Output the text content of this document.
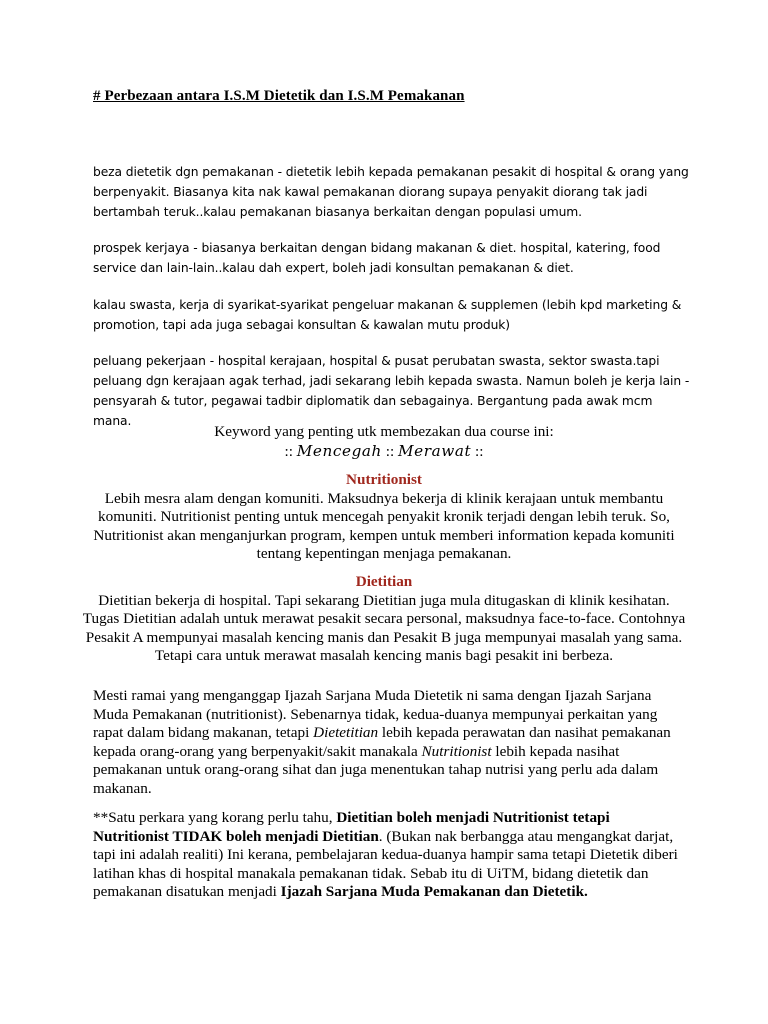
# Perbezaan antara I.S.M Dietetik dan I.S.M Pemakanan
beza dietetik dgn pemakanan - dietetik lebih kepada pemakanan pesakit di hospital & orang yang berpenyakit. Biasanya kita nak kawal pemakanan diorang supaya penyakit diorang tak jadi bertambah teruk..kalau pemakanan biasanya berkaitan dengan populasi umum.
prospek kerjaya - biasanya berkaitan dengan bidang makanan & diet. hospital, katering, food service dan lain-lain..kalau dah expert, boleh jadi konsultan pemakanan & diet.
kalau swasta, kerja di syarikat-syarikat pengeluar makanan & supplemen (lebih kpd marketing & promotion, tapi ada juga sebagai konsultan & kawalan mutu produk)
peluang pekerjaan - hospital kerajaan, hospital & pusat perubatan swasta, sektor swasta.tapi peluang dgn kerajaan agak terhad, jadi sekarang lebih kepada swasta. Namun boleh je kerja lain - pensyarah & tutor, pegawai tadbir diplomatik dan sebagainya. Bergantung pada awak mcm mana.
Keyword yang penting utk membezakan dua course ini:
:: Mencegah :: Merawat ::
Nutritionist
Lebih mesra alam dengan komuniti. Maksudnya bekerja di klinik kerajaan untuk membantu komuniti. Nutritionist penting untuk mencegah penyakit kronik terjadi dengan lebih teruk. So, Nutritionist akan menganjurkan program, kempen untuk memberi information kepada komuniti tentang kepentingan menjaga pemakanan.
Dietitian
Dietitian bekerja di hospital. Tapi sekarang Dietitian juga mula ditugaskan di klinik kesihatan. Tugas Dietitian adalah untuk merawat pesakit secara personal, maksudnya face-to-face. Contohnya Pesakit A mempunyai masalah kencing manis dan Pesakit B juga mempunyai masalah yang sama. Tetapi cara untuk merawat masalah kencing manis bagi pesakit ini berbeza.
Mesti ramai yang menganggap Ijazah Sarjana Muda Dietetik ni sama dengan Ijazah Sarjana Muda Pemakanan (nutritionist). Sebenarnya tidak, kedua-duanya mempunyai perkaitan yang rapat dalam bidang makanan, tetapi Dietetitian lebih kepada perawatan dan nasihat pemakanan kepada orang-orang yang berpenyakit/sakit manakala Nutritionist lebih kepada nasihat pemakanan untuk orang-orang sihat dan juga menentukan tahap nutrisi yang perlu ada dalam makanan.
**Satu perkara yang korang perlu tahu, Dietitian boleh menjadi Nutritionist tetapi Nutritionist TIDAK boleh menjadi Dietitian. (Bukan nak berbangga atau mengangkat darjat, tapi ini adalah realiti) Ini kerana, pembelajaran kedua-duanya hampir sama tetapi Dietetik diberi latihan khas di hospital manakala pemakanan tidak. Sebab itu di UiTM, bidang dietetik dan pemakanan disatukan menjadi Ijazah Sarjana Muda Pemakanan dan Dietetik.
